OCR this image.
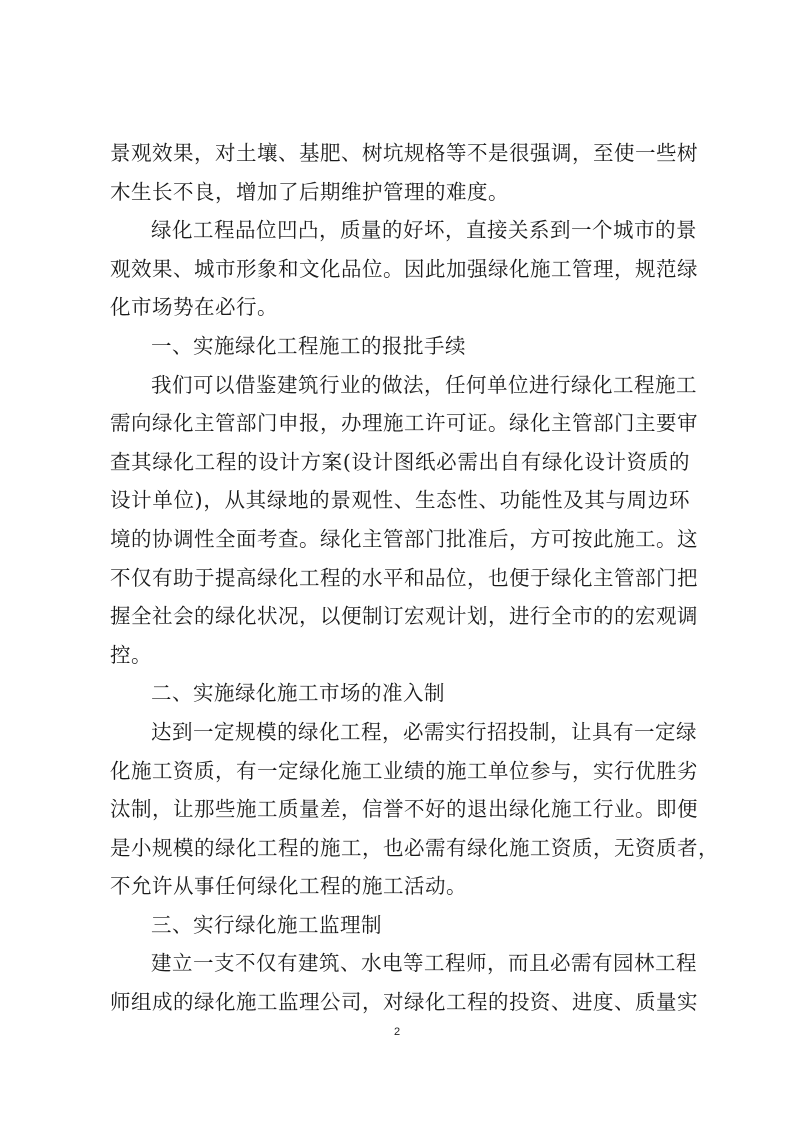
景观效果，对土壤、基肥、树坑规格等不是很强调，至使一些树
木生长不良，增加了后期维护管理的难度。
绿化工程品位凹凸，质量的好坏，直接关系到一个城市的景
观效果、城市形象和文化品位。因此加强绿化施工管理，规范绿
化市场势在必行。
一、实施绿化工程施工的报批手续
我们可以借鉴建筑行业的做法，任何单位进行绿化工程施工
需向绿化主管部门申报，办理施工许可证。绿化主管部门主要审
查其绿化工程的设计方案(设计图纸必需出自有绿化设计资质的
设计单位)，从其绿地的景观性、生态性、功能性及其与周边环
境的协调性全面考查。绿化主管部门批准后，方可按此施工。这
不仅有助于提高绿化工程的水平和品位，也便于绿化主管部门把
握全社会的绿化状况，以便制订宏观计划，进行全市的的宏观调
控。
二、实施绿化施工市场的准入制
达到一定规模的绿化工程，必需实行招投制，让具有一定绿
化施工资质，有一定绿化施工业绩的施工单位参与，实行优胜劣
汰制，让那些施工质量差，信誉不好的退出绿化施工行业。即便
是小规模的绿化工程的施工，也必需有绿化施工资质，无资质者，
不允许从事任何绿化工程的施工活动。
三、实行绿化施工监理制
建立一支不仅有建筑、水电等工程师，而且必需有园林工程
师组成的绿化施工监理公司，对绿化工程的投资、进度、质量实
2
